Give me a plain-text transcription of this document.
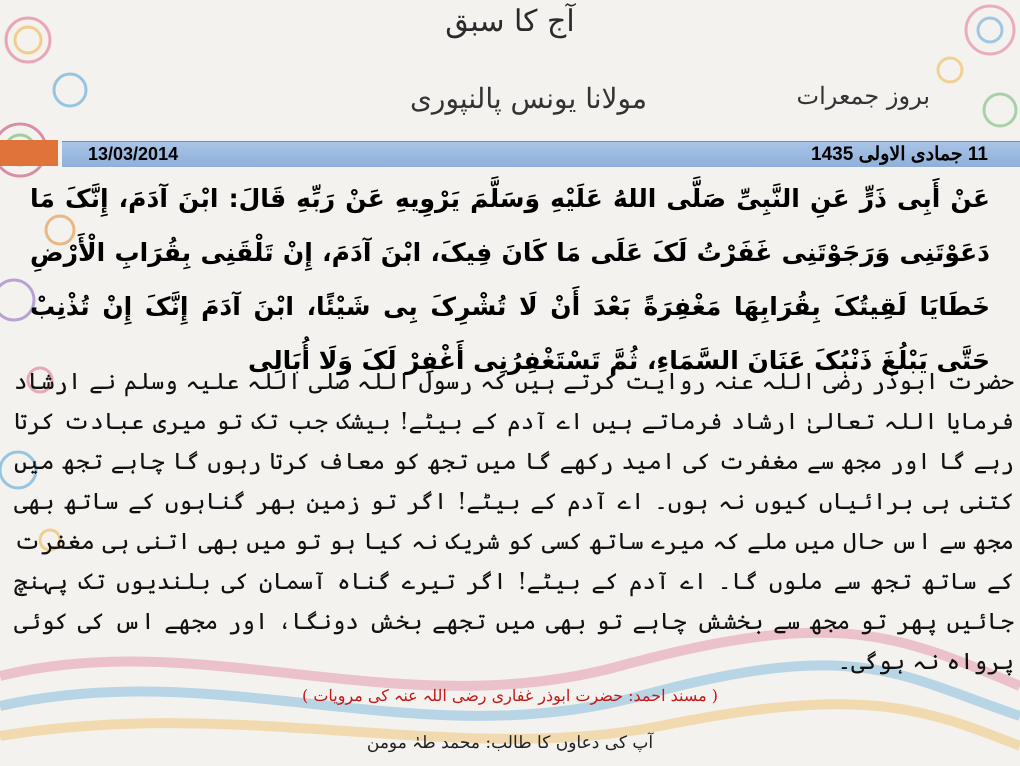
آج کا سبق
مولانا یونس پالنپوری	بروز جمعرات
13/03/2014	11 جمادی الاولی 1435
عَنْ أَبِی ذَرٍّ عَنِ النَّبِیِّ صَلَّی اللهُ عَلَیْهِ وَسَلَّمَ یَرْوِیهِ عَنْ رَبِّهِ قَالَ: ابْنَ آدَمَ، إِنَّکَ مَا دَعَوْتَنِی وَرَجَوْتَنِی غَفَرْتُ لَکَ عَلَی مَا کَانَ فِیکَ، ابْنَ آدَمَ، إِنْ تَلْقَنِی بِقُرَابِ الْأَرْضِ خَطَایَا لَقِیتُکَ بِقُرَابِهَا مَغْفِرَةً بَعْدَ أَنْ لَا تُشْرِکَ بِی شَیْئًا، ابْنَ آدَمَ إِنَّکَ إِنْ تُذْنِبْ حَتَّی یَبْلُغَ ذَنْبُکَ عَنَانَ السَّمَاءِ، ثُمَّ تَسْتَغْفِرُنِی أَغْفِرْ لَکَ وَلَا أُبَالِی
حضرت ابوذر رضی اللہ عنہ روایت کرتے ہیں کہ رسول اللہ صلی اللہ علیہ وسلم نے ارشاد فرمایا اللہ تعالیٰ ارشاد فرماتے ہیں اے آدم کے بیٹے! بیشک جب تک تو میری عبادت کرتا رہے گا اور مجھ سے مغفرت کی امید رکھے گا میں تجھ کو معاف کرتا رہوں گا چاہے تجھ میں کتنی ہی برائیاں کیوں نہ ہوں۔ اے آدم کے بیٹے! اگر تو زمین بھر گناہوں کے ساتھ بھی مجھ سے اس حال میں ملے کہ میرے ساتھ کسی کو شریک نہ کیا ہو تو میں بھی اتنی ہی مغفرت کے ساتھ تجھ سے ملوں گا۔ اے آدم کے بیٹے! اگر تیرے گناہ آسمان کی بلندیوں تک پہنچ جائیں پھر تو مجھ سے بخشش چاہے تو بھی میں تجھے بخش دونگا، اور مجھے اس کی کوئی پرواہ نہ ہوگی۔
( مسند احمد: حضرت ابوذر غفاری رضی اللہ عنہ کی مرویات )
آپ کی دعاوں کا طالب: محمد طہٰ مومن
